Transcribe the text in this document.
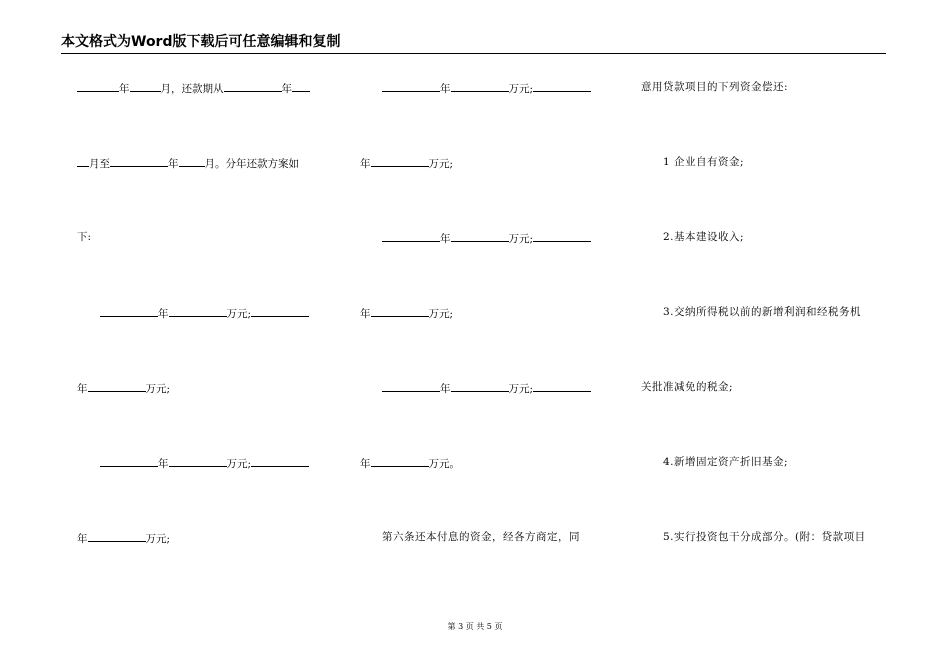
本文格式为Word版下载后可任意编辑和复制
年	月，还款期从	年
月至	年 月。分年还款方案如
下:
年	万元;
年	万元;
年	万元;
年	万元;
年	万元;
年	万元;
年	万元;
年	万元;
年	万元;
年	万元。
第六条还本付息的资金，经各方商定，同
意用贷款项目的下列资金偿还:
1 企业自有资金;
2.基本建设收入;
3.交纳所得税以前的新增利润和经税务机
关批准减免的税金;
4.新增固定资产折旧基金;
5.实行投资包干分成部分。(附：贷款项目
第 3 页 共 5 页
